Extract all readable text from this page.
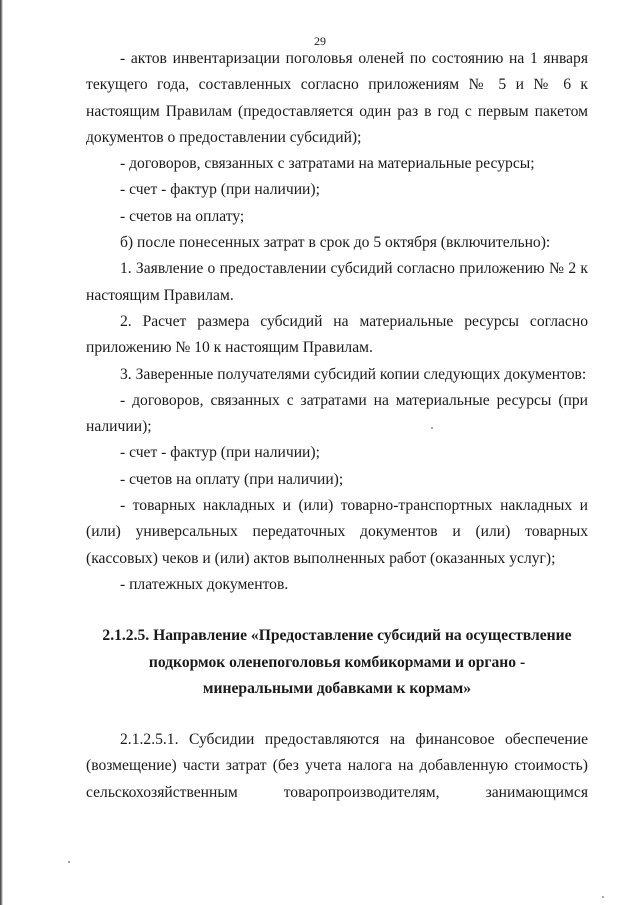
29

- актов инвентаризации поголовья оленей по состоянию на 1 января текущего года, составленных согласно приложениям № 5 и № 6 к настоящим Правилам (предоставляется один раз в год с первым пакетом документов о предоставлении субсидий);

- договоров, связанных с затратами на материальные ресурсы;

- счет - фактур (при наличии);

- счетов на оплату;

б) после понесенных затрат в срок до 5 октября (включительно):

1. Заявление о предоставлении субсидий согласно приложению № 2 к настоящим Правилам.

2. Расчет размера субсидий на материальные ресурсы согласно приложению № 10 к настоящим Правилам.

3. Заверенные получателями субсидий копии следующих документов:

- договоров, связанных с затратами на материальные ресурсы (при наличии);

- счет - фактур (при наличии);

- счетов на оплату (при наличии);

- товарных накладных и (или) товарно-транспортных накладных и (или) универсальных передаточных документов и (или) товарных (кассовых) чеков и (или) актов выполненных работ (оказанных услуг);

- платежных документов.

2.1.2.5. Направление «Предоставление субсидий на осуществление подкормок оленепоголовья комбикормами и органо - минеральными добавками к кормам»

2.1.2.5.1. Субсидии предоставляются на финансовое обеспечение (возмещение) части затрат (без учета налога на добавленную стоимость) сельскохозяйственным товаропроизводителям, занимающимся
